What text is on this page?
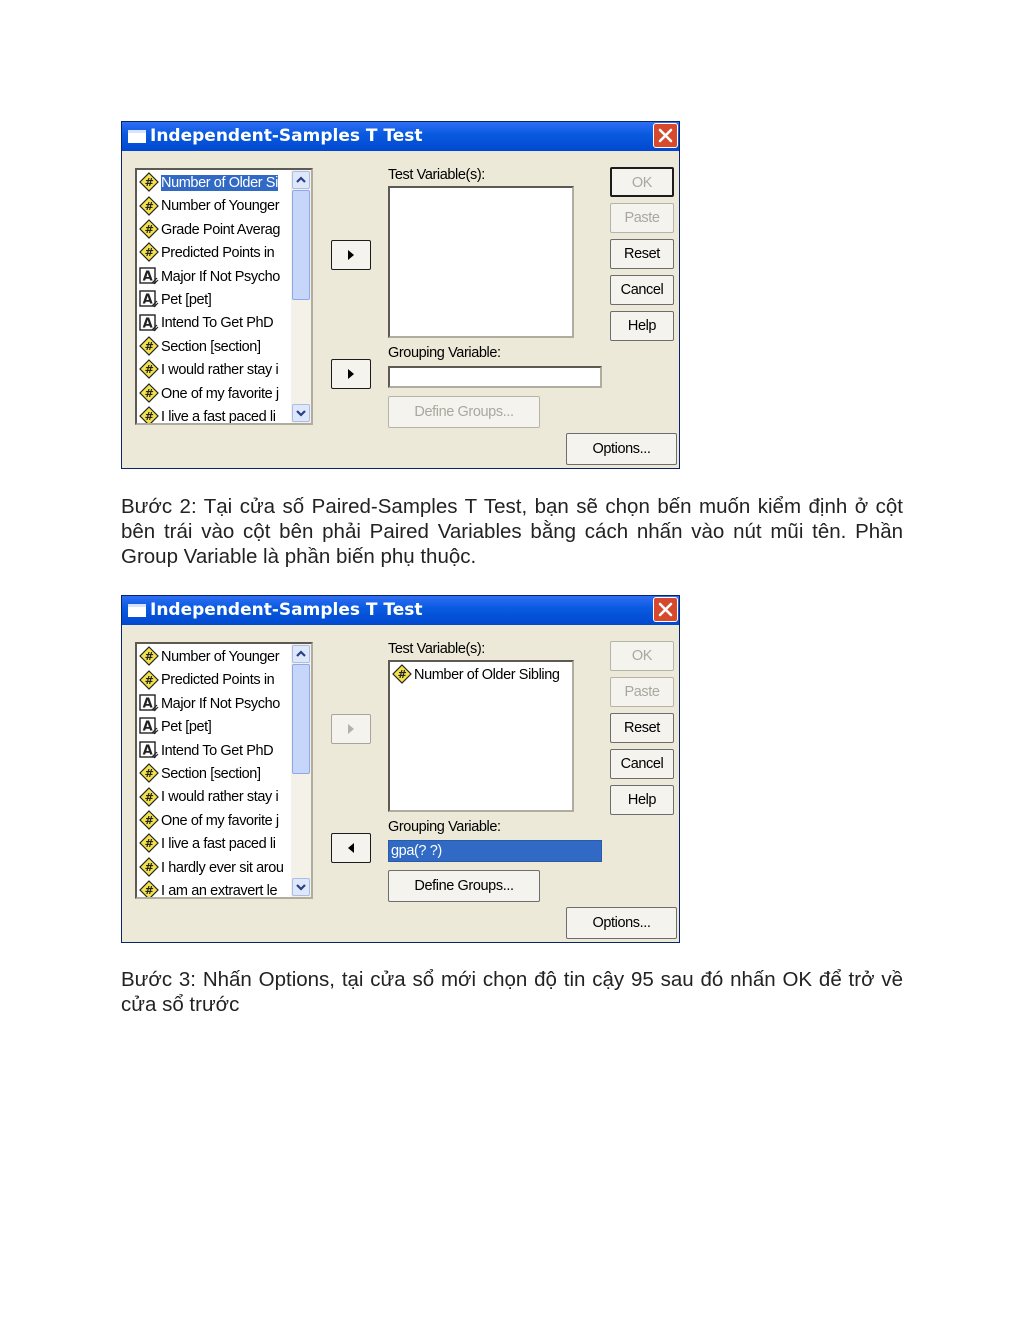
Independent-Samples T Test
# Number of Older Si
# Number of Younger
# Grade Point Averag
# Predicted Points in
A Major If Not Psycho
A Pet [pet]
A Intend To Get PhD
# Section [section]
# I would rather stay i
# One of my favorite j
# I live a fast paced li
Test Variable(s):
Grouping Variable:
Define Groups...
Options...
OK
Paste
Reset
Cancel
Help
Bước 2: Tại cửa số Paired-Samples T Test, bạn sẽ chọn bến muốn kiểm định ở cột bên trái vào cột bên phải Paired Variables bằng cách nhấn vào nút mũi tên. Phần Group Variable là phần biến phụ thuộc.
Independent-Samples T Test
# Number of Younger
# Predicted Points in
A Major If Not Psycho
A Pet [pet]
A Intend To Get PhD
# Section [section]
# I would rather stay i
# One of my favorite j
# I live a fast paced li
# I hardly ever sit arou
# I am an extravert le
Test Variable(s):
# Number of Older Sibling
Grouping Variable:
gpa(? ?)
Define Groups...
Options...
OK
Paste
Reset
Cancel
Help
Bước 3: Nhấn Options, tại cửa sổ mới chọn độ tin cậy 95 sau đó nhấn OK để trở về cửa sổ trước
